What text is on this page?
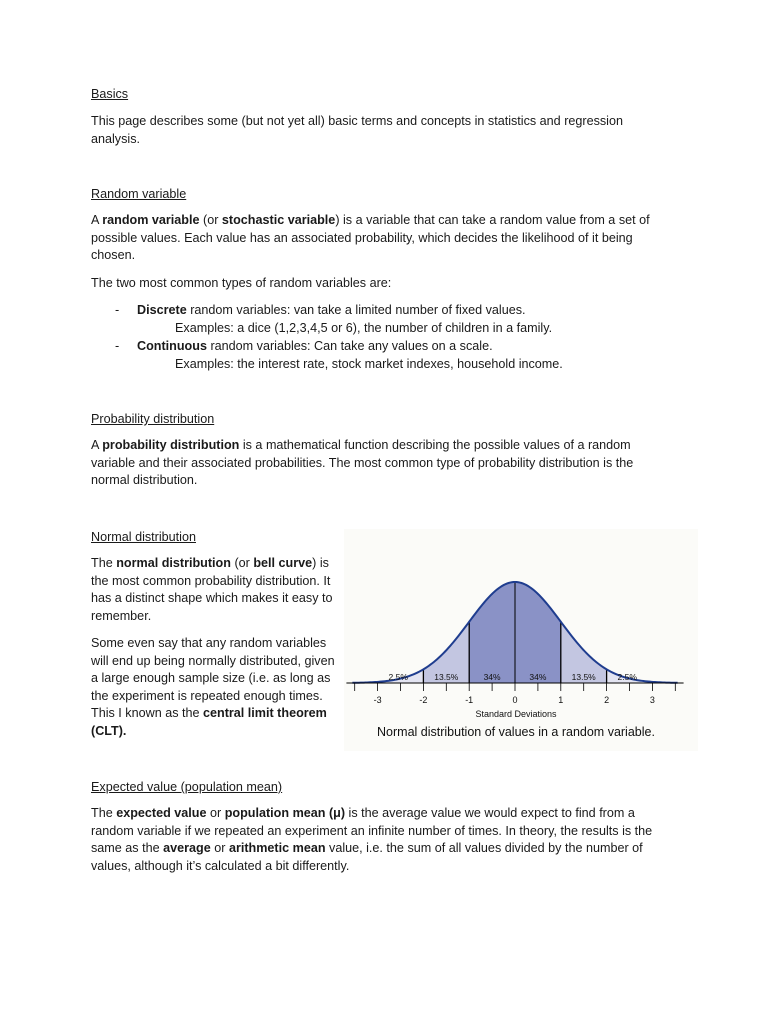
Basics

This page describes some (but not yet all) basic terms and concepts in statistics and regression analysis.

Random variable

A random variable (or stochastic variable) is a variable that can take a random value from a set of possible values. Each value has an associated probability, which decides the likelihood of it being chosen.

The two most common types of random variables are:

- Discrete random variables: van take a limited number of fixed values.
Examples: a dice (1,2,3,4,5 or 6), the number of children in a family.
- Continuous random variables: Can take any values on a scale.
Examples: the interest rate, stock market indexes, household income.
Probability distribution

A probability distribution is a mathematical function describing the possible values of a random variable and their associated probabilities. The most common type of probability distribution is the normal distribution.

Normal distribution

The normal distribution (or bell curve) is the most common probability distribution. It has a distinct shape which makes it easy to remember.

Some even say that any random variables will end up being normally distributed, given a large enough sample size (i.e. as long as the experiment is repeated enough times. This I known as the central limit theorem (CLT).

Expected value (population mean)

The expected value or population mean (μ) is the average value we would expect to find from a random variable if we repeated an experiment an infinite number of times. In theory, the results is the same as the average or arithmetic mean value, i.e. the sum of all values divided by the number of values, although it’s calculated a bit differently.

2.5%	13.5%	34%	34%	13.5%	2.5%
-3	-2	-1	0	1	2	3
Standard Deviations
Normal distribution of values in a random variable.
